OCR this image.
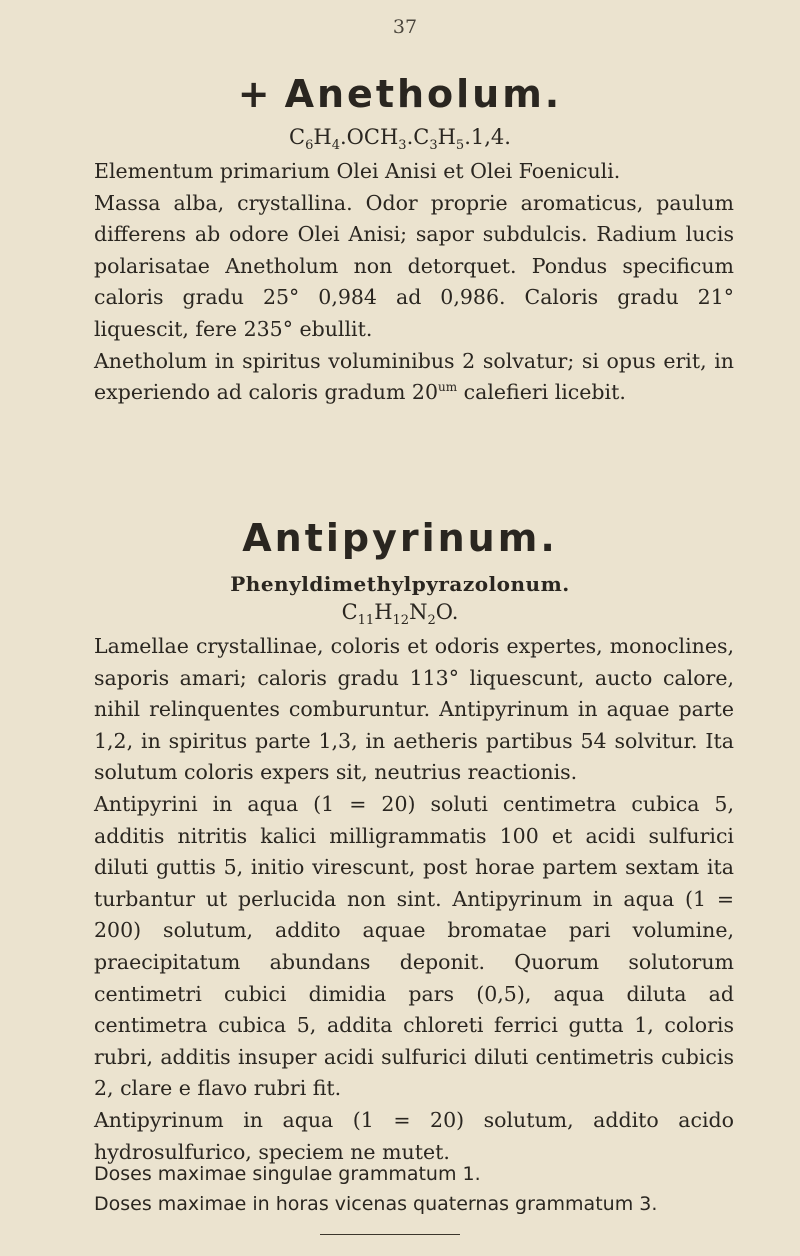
37
+ Anetholum.
$C_6H_4.OCH_3.C_3H_5.1,4$.

Elementum primarium Olei Anisi et Olei Foeniculi.

Massa alba, crystallina. Odor proprie aromaticus, paulum differens ab odore Olei Anisi; sapor subdulcis. Radium lucis polarisatae Anetholum non detorquet. Pondus specificum caloris gradu 25° 0,984 ad 0,986. Caloris gradu 21° liquescit, fere 235° ebullit.

Anetholum in spiritus voluminibus 2 solvatur; si opus erit, in experiendo ad caloris gradum $20^{um}$ calefieri licebit.

Antipyrinum.
Phenyldimethylpyrazolonum.
$C_{11}H_{12}N_2O$.

Lamellae crystallinae, coloris et odoris expertes, monoclines, saporis amari; caloris gradu 113° liquescunt, aucto calore, nihil relinquentes comburuntur. Antipyrinum in aquae parte 1,2, in spiritus parte 1,3, in aetheris partibus 54 solvitur. Ita solutum coloris expers sit, neutrius reactionis.

Antipyrini in aqua (1 = 20) soluti centimetra cubica 5, additis nitritis kalici milligrammatis 100 et acidi sulfurici diluti guttis 5, initio virescunt, post horae partem sextam ita turbantur ut perlucida non sint. Antipyrinum in aqua (1 = 200) solutum, addito aquae bromatae pari volumine, praecipitatum abundans deponit. Quorum solutorum centimetri cubici dimidia pars (0,5), aqua diluta ad centimetra cubica 5, addita chloreti ferrici gutta 1, coloris rubri, additis insuper acidi sulfurici diluti centimetris cubicis 2, clare e flavo rubri fit.

Antipyrinum in aqua (1 = 20) solutum, addito acido hydrosulfurico, speciem ne mutet.

Doses maximae singulae grammatum 1.
Doses maximae in horas vicenas quaternas grammatum 3.
